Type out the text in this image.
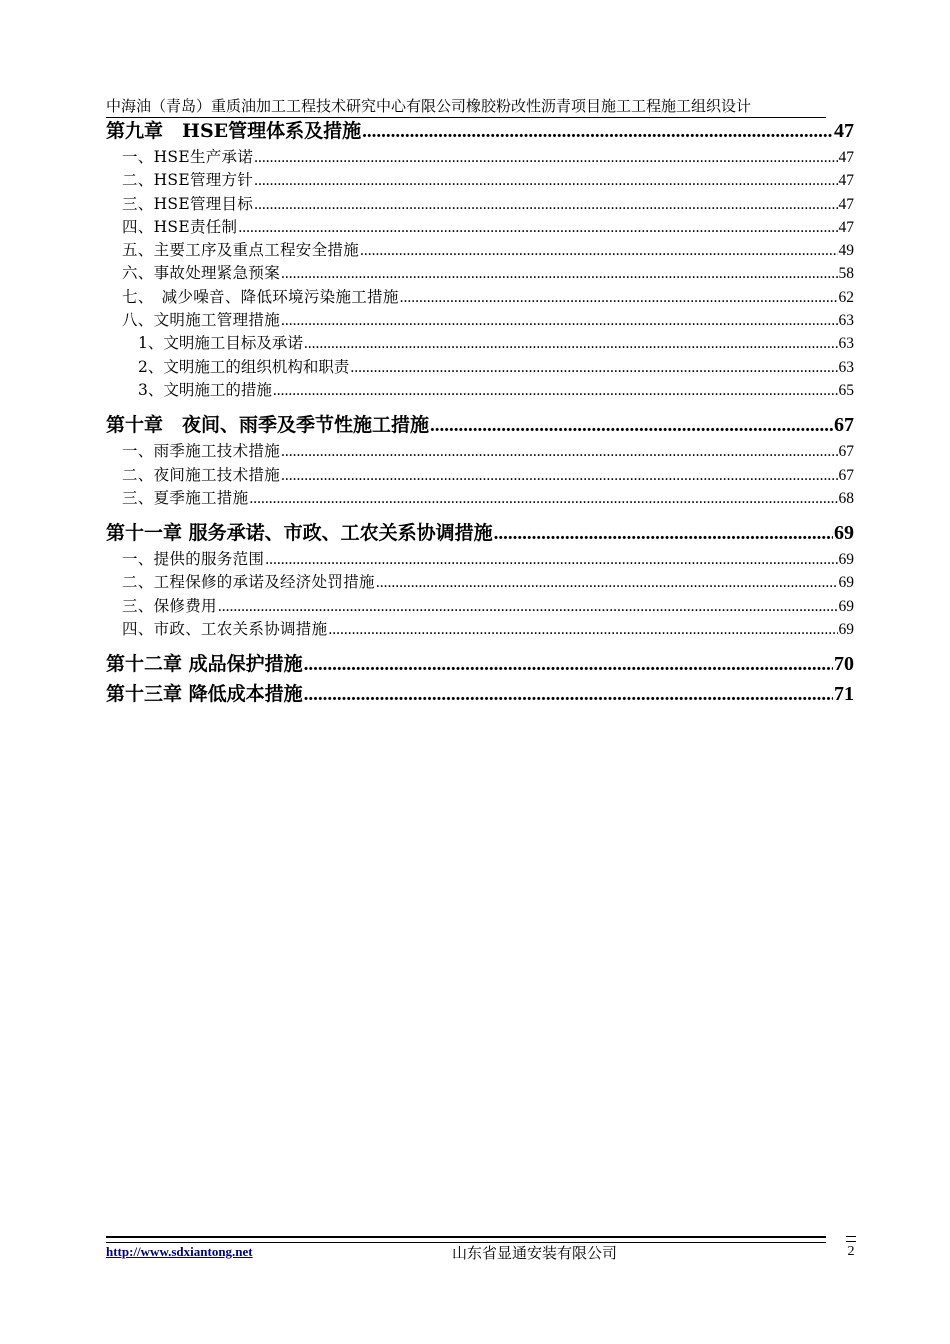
中海油（青岛）重质油加工工程技术研究中心有限公司橡胶粉改性沥青项目施工工程施工组织设计
第九章　HSE管理体系及措施 .....	47
一、HSE生产承诺 .....	47
二、HSE管理方针 .....	47
三、HSE管理目标 .....	47
四、HSE责任制 .....	47
五、主要工序及重点工程安全措施 .....	49
六、事故处理紧急预案 .....	58
七、　减少噪音、降低环境污染施工措施 .....	62
八、文明施工管理措施 .....	63
1、文明施工目标及承诺 .....	63
2、文明施工的组织机构和职责 .....	63
3、文明施工的措施 .....	65
第十章　夜间、雨季及季节性施工措施 .....	67
一、雨季施工技术措施 .....	67
二、夜间施工技术措施 .....	67
三、夏季施工措施 .....	68
第十一章 服务承诺、市政、工农关系协调措施 .....	69
一、提供的服务范围 .....	69
二、工程保修的承诺及经济处罚措施 .....	69
三、保修费用 .....	69
四、市政、工农关系协调措施 .....	69
第十二章 成品保护措施 .....	70
第十三章 降低成本措施 .....	71
http://www.sdxiantong.net	山东省显通安装有限公司	2
